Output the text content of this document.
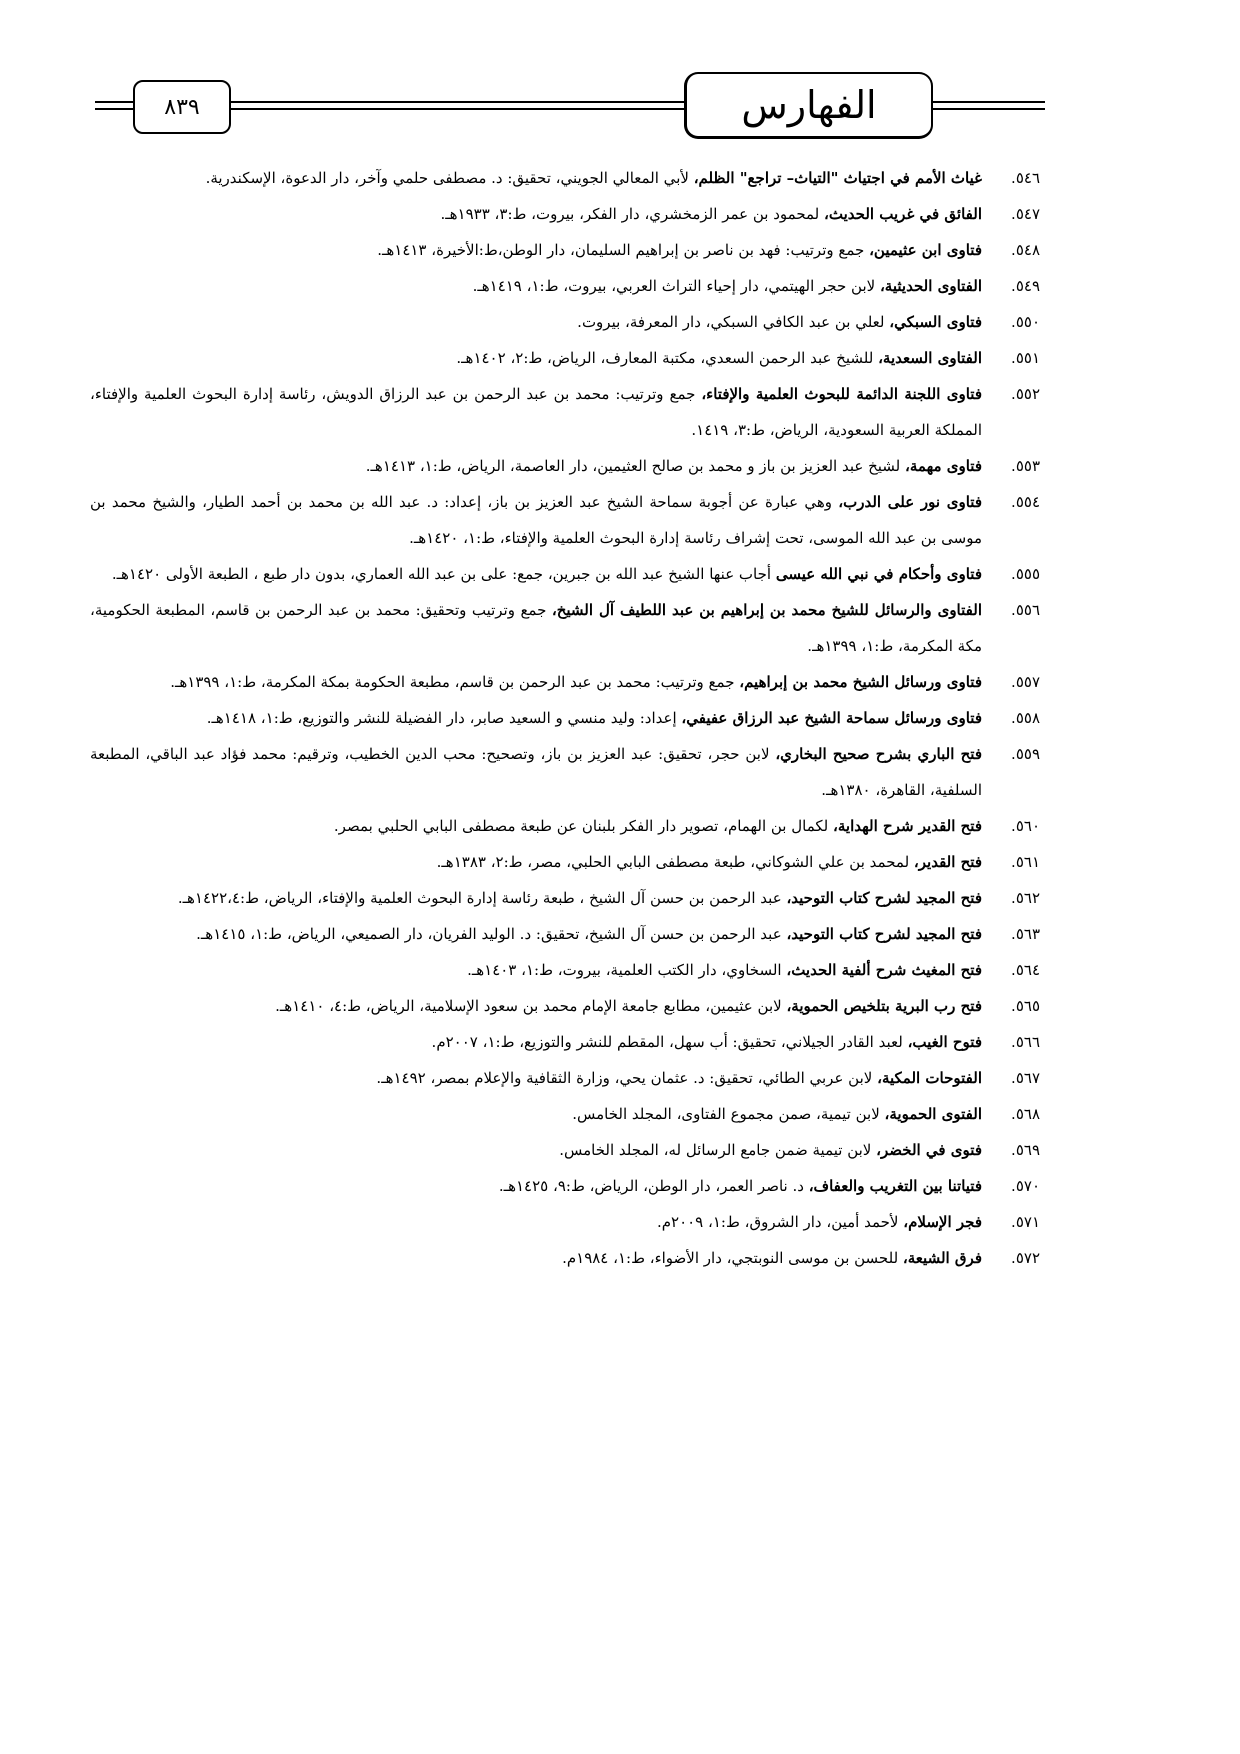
٨٣٩	الفهارس
٥٤٦.
غياث الأمم في اجتياث "التياث– تراجع" الظلم، لأبي المعالي الجويني، تحقيق: د. مصطفى حلمي وآخر، دار الدعوة، الإسكندرية.
٥٤٧.
الفائق في غريب الحديث، لمحمود بن عمر الزمخشري، دار الفكر، بيروت، ط:٣، ١٩٣٣هـ.
٥٤٨.
فتاوى ابن عثيمين، جمع وترتيب: فهد بن ناصر بن إبراهيم السليمان، دار الوطن،ط:الأخيرة، ١٤١٣هـ.
٥٤٩.
الفتاوى الحديثية، لابن حجر الهيتمي، دار إحياء التراث العربي، بيروت، ط:١، ١٤١٩هـ.
٥٥٠.
فتاوى السبكي، لعلي بن عبد الكافي السبكي، دار المعرفة، بيروت.
٥٥١.
الفتاوى السعدية، للشيخ عبد الرحمن السعدي، مكتبة المعارف، الرياض، ط:٢، ١٤٠٢هـ.
٥٥٢.
فتاوى اللجنة الدائمة للبحوث العلمية والإفتاء، جمع وترتيب: محمد بن عبد الرحمن بن عبد الرزاق الدويش، رئاسة إدارة البحوث العلمية والإفتاء، المملكة العربية السعودية، الرياض، ط:٣، ١٤١٩.
٥٥٣.
فتاوى مهمة، لشيخ عبد العزيز بن باز و محمد بن صالح العثيمين، دار العاصمة، الرياض، ط:١، ١٤١٣هـ.
٥٥٤.
فتاوى نور على الدرب، وهي عبارة عن أجوبة سماحة الشيخ عبد العزيز بن باز، إعداد: د. عبد الله بن محمد بن أحمد الطيار، والشيخ محمد بن موسى بن عبد الله الموسى، تحت إشراف رئاسة إدارة البحوث العلمية والإفتاء، ط:١، ١٤٢٠هـ.
٥٥٥.
فتاوى وأحكام في نبي الله عيسى أجاب عنها الشيخ عبد الله بن جبرين، جمع: على بن عبد الله العماري، بدون دار طبع ، الطبعة الأولى ١٤٢٠هـ.
٥٥٦.
الفتاوى والرسائل للشيخ محمد بن إبراهيم بن عبد اللطيف آل الشيخ، جمع وترتيب وتحقيق: محمد بن عبد الرحمن بن قاسم، المطبعة الحكومية، مكة المكرمة، ط:١، ١٣٩٩هـ.
٥٥٧.
فتاوى ورسائل الشيخ محمد بن إبراهيم، جمع وترتيب: محمد بن عبد الرحمن بن قاسم، مطبعة الحكومة بمكة المكرمة، ط:١، ١٣٩٩هـ.
٥٥٨.
فتاوى ورسائل سماحة الشيخ عبد الرزاق عفيفي، إعداد: وليد منسي و السعيد صابر، دار الفضيلة للنشر والتوزيع، ط:١، ١٤١٨هـ.
٥٥٩.
فتح الباري بشرح صحيح البخاري، لابن حجر، تحقيق: عبد العزيز بن باز، وتصحيح: محب الدين الخطيب، وترقيم: محمد فؤاد عبد الباقي، المطبعة السلفية، القاهرة، ١٣٨٠هـ.
٥٦٠.
فتح القدير شرح الهداية، لكمال بن الهمام، تصوير دار الفكر بلبنان عن طبعة مصطفى البابي الحلبي بمصر.
٥٦١.
فتح القدير، لمحمد بن علي الشوكاني، طبعة مصطفى البابي الحلبي، مصر، ط:٢، ١٣٨٣هـ.
٥٦٢.
فتح المجيد لشرح كتاب التوحيد، عبد الرحمن بن حسن آل الشيخ ، طبعة رئاسة إدارة البحوث العلمية والإفتاء، الرياض، ط:١٤٢٢،٤هـ.
٥٦٣.
فتح المجيد لشرح كتاب التوحيد، عبد الرحمن بن حسن آل الشيخ، تحقيق: د. الوليد الفريان، دار الصميعي، الرياض، ط:١، ١٤١٥هـ.
٥٦٤.
فتح المغيث شرح ألفية الحديث، السخاوي، دار الكتب العلمية، بيروت، ط:١، ١٤٠٣هـ.
٥٦٥.
فتح رب البرية بتلخيص الحموية، لابن عثيمين، مطابع جامعة الإمام محمد بن سعود الإسلامية، الرياض، ط:٤، ١٤١٠هـ.
٥٦٦.
فتوح الغيب، لعبد القادر الجيلاني، تحقيق: أب سهل، المقطم للنشر والتوزيع، ط:١، ٢٠٠٧م.
٥٦٧.
الفتوحات المكية، لابن عربي الطائي، تحقيق: د. عثمان يحي، وزارة الثقافية والإعلام بمصر، ١٤٩٢هـ.
٥٦٨.
الفتوى الحموية، لابن تيمية، صمن مجموع الفتاوى، المجلد الخامس.
٥٦٩.
فتوى في الخضر، لابن تيمية ضمن جامع الرسائل له، المجلد الخامس.
٥٧٠.
فتياتنا بين التغريب والعفاف، د. ناصر العمر، دار الوطن، الرياض، ط:٩، ١٤٢٥هـ.
٥٧١.
فجر الإسلام، لأحمد أمين، دار الشروق، ط:١، ٢٠٠٩م.
٥٧٢.
فرق الشيعة، للحسن بن موسى النوبتجي، دار الأضواء، ط:١، ١٩٨٤م.
